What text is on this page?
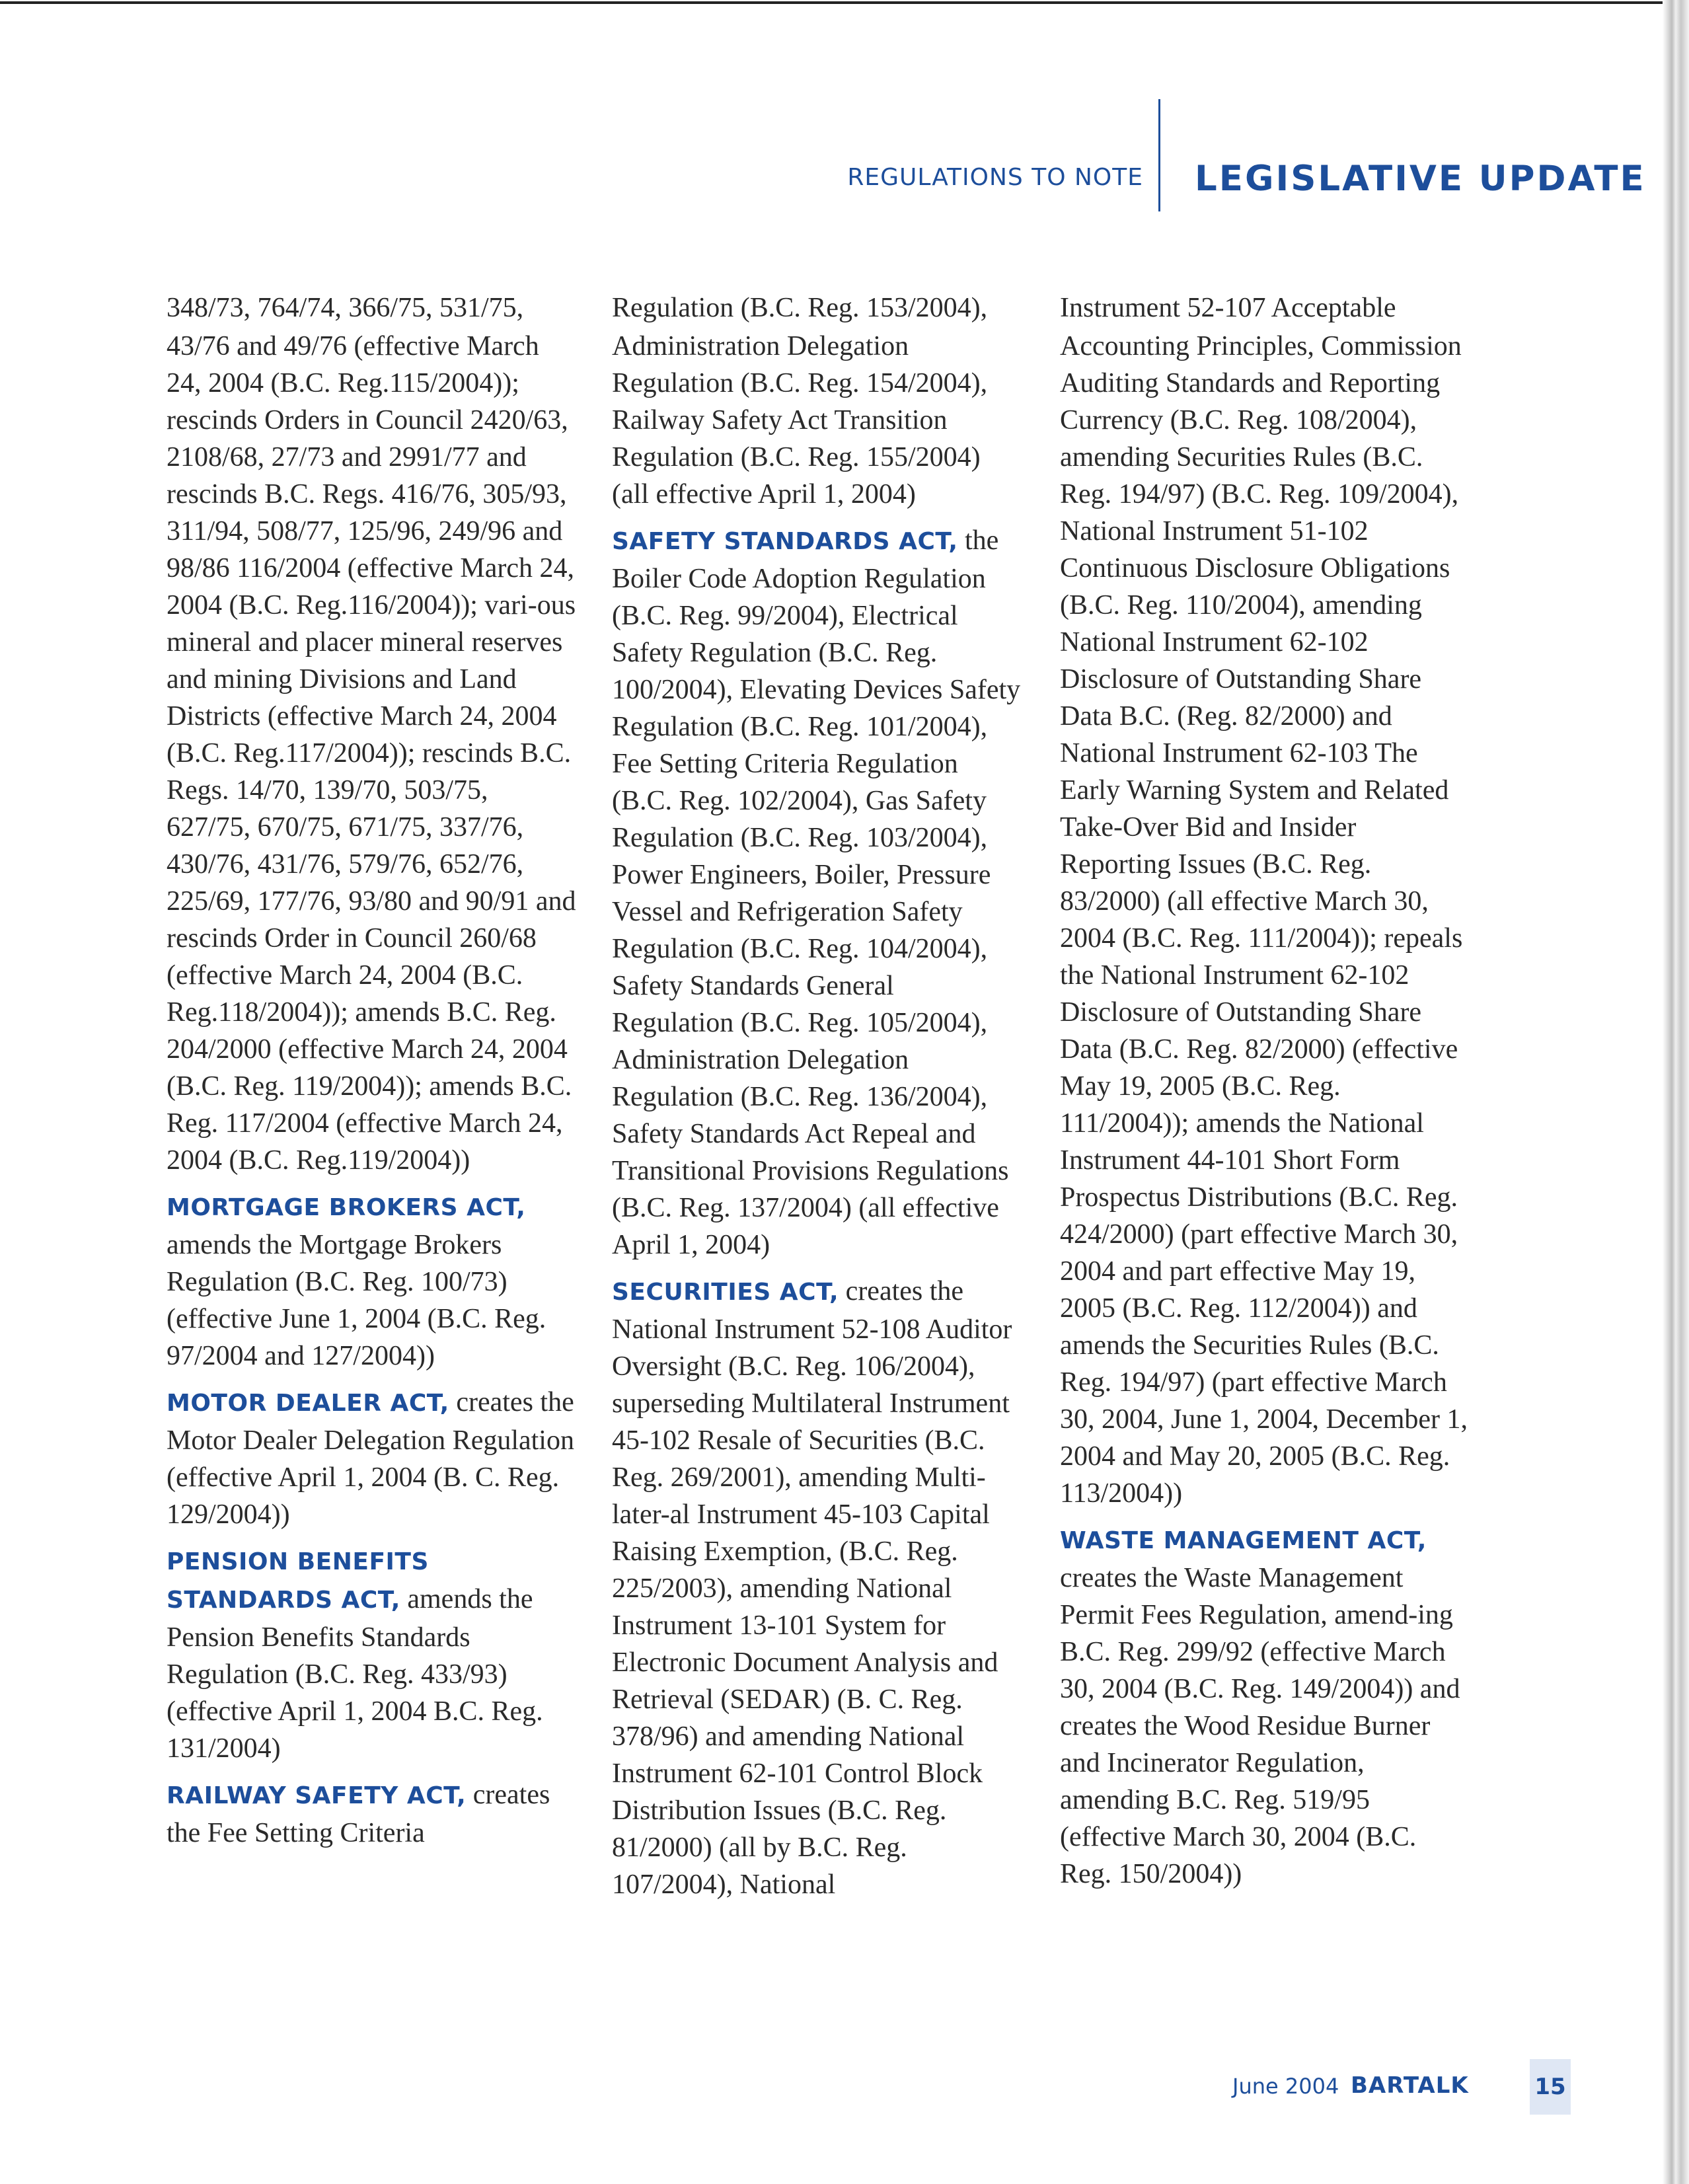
REGULATIONS TO NOTE LEGISLATIVE UPDATE

348/73, 764/74, 366/75, 531/75, 43/76 and 49/76 (effective March 24, 2004 (B.C. Reg.115/2004)); rescinds Orders in Council 2420/63, 2108/68, 27/73 and 2991/77 and rescinds B.C. Regs. 416/76, 305/93, 311/94, 508/77, 125/96, 249/96 and 98/86 116/2004 (effective March 24, 2004 (B.C. Reg.116/2004)); vari-ous mineral and placer mineral reserves and mining Divisions and Land Districts (effective March 24, 2004 (B.C. Reg.117/2004)); rescinds B.C. Regs. 14/70, 139/70, 503/75, 627/75, 670/75, 671/75, 337/76, 430/76, 431/76, 579/76, 652/76, 225/69, 177/76, 93/80 and 90/91 and rescinds Order in Council 260/68 (effective March 24, 2004 (B.C. Reg.118/2004)); amends B.C. Reg. 204/2000 (effective March 24, 2004 (B.C. Reg. 119/2004)); amends B.C. Reg. 117/2004 (effective March 24, 2004 (B.C. Reg.119/2004))

MORTGAGE BROKERS ACT, amends the Mortgage Brokers Regulation (B.C. Reg. 100/73) (effective June 1, 2004 (B.C. Reg. 97/2004 and 127/2004))

MOTOR DEALER ACT, creates the Motor Dealer Delegation Regulation (effective April 1, 2004 (B. C. Reg. 129/2004))

PENSION BENEFITS STANDARDS ACT, amends the Pension Benefits Standards Regulation (B.C. Reg. 433/93) (effective April 1, 2004 B.C. Reg. 131/2004)

RAILWAY SAFETY ACT, creates the Fee Setting Criteria

Regulation (B.C. Reg. 153/2004), Administration Delegation Regulation (B.C. Reg. 154/2004), Railway Safety Act Transition Regulation (B.C. Reg. 155/2004) (all effective April 1, 2004)

SAFETY STANDARDS ACT, the Boiler Code Adoption Regulation (B.C. Reg. 99/2004), Electrical Safety Regulation (B.C. Reg. 100/2004), Elevating Devices Safety Regulation (B.C. Reg. 101/2004), Fee Setting Criteria Regulation (B.C. Reg. 102/2004), Gas Safety Regulation (B.C. Reg. 103/2004), Power Engineers, Boiler, Pressure Vessel and Refrigeration Safety Regulation (B.C. Reg. 104/2004), Safety Standards General Regulation (B.C. Reg. 105/2004), Administration Delegation Regulation (B.C. Reg. 136/2004), Safety Standards Act Repeal and Transitional Provisions Regulations (B.C. Reg. 137/2004) (all effective April 1, 2004)

SECURITIES ACT, creates the National Instrument 52-108 Auditor Oversight (B.C. Reg. 106/2004), superseding Multilateral Instrument 45-102 Resale of Securities (B.C. Reg. 269/2001), amending Multi-later-al Instrument 45-103 Capital Raising Exemption, (B.C. Reg. 225/2003), amending National Instrument 13-101 System for Electronic Document Analysis and Retrieval (SEDAR) (B. C. Reg. 378/96) and amending National Instrument 62-101 Control Block Distribution Issues (B.C. Reg. 81/2000) (all by B.C. Reg. 107/2004), National

Instrument 52-107 Acceptable Accounting Principles, Commission Auditing Standards and Reporting Currency (B.C. Reg. 108/2004), amending Securities Rules (B.C. Reg. 194/97) (B.C. Reg. 109/2004), National Instrument 51-102 Continuous Disclosure Obligations (B.C. Reg. 110/2004), amending National Instrument 62-102 Disclosure of Outstanding Share Data B.C. (Reg. 82/2000) and National Instrument 62-103 The Early Warning System and Related Take-Over Bid and Insider Reporting Issues (B.C. Reg. 83/2000) (all effective March 30, 2004 (B.C. Reg. 111/2004)); repeals the National Instrument 62-102 Disclosure of Outstanding Share Data (B.C. Reg. 82/2000) (effective May 19, 2005 (B.C. Reg. 111/2004)); amends the National Instrument 44-101 Short Form Prospectus Distributions (B.C. Reg. 424/2000) (part effective March 30, 2004 and part effective May 19, 2005 (B.C. Reg. 112/2004)) and amends the Securities Rules (B.C. Reg. 194/97) (part effective March 30, 2004, June 1, 2004, December 1, 2004 and May 20, 2005 (B.C. Reg. 113/2004))

WASTE MANAGEMENT ACT, creates the Waste Management Permit Fees Regulation, amend-ing B.C. Reg. 299/92 (effective March 30, 2004 (B.C. Reg. 149/2004)) and creates the Wood Residue Burner and Incinerator Regulation, amending B.C. Reg. 519/95 (effective March 30, 2004 (B.C. Reg. 150/2004))

June 2004 BARTALK	15
